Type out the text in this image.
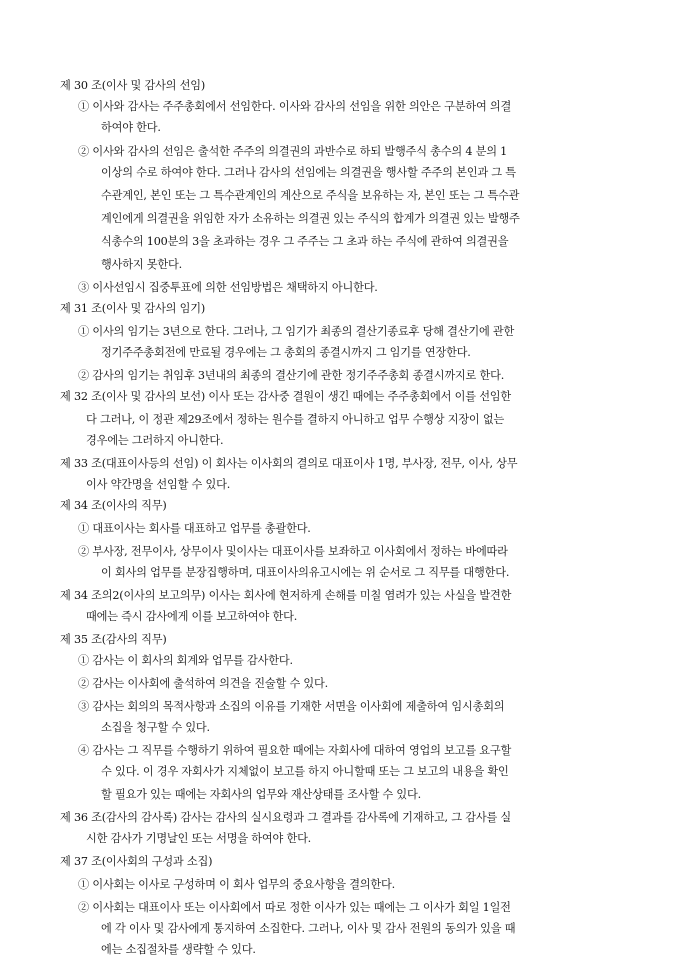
제 30 조(이사 및 감사의 선임)
① 이사와 감사는 주주총회에서 선임한다. 이사와 감사의 선임을 위한 의안은 구분하여 의결
하여야 한다.
② 이사와 감사의 선임은 출석한 주주의 의결권의 과반수로 하되 발행주식 총수의 4 분의 1
이상의 수로 하여야 한다. 그러나 감사의 선임에는 의결권을 행사할 주주의 본인과 그 특
수관계인, 본인 또는 그 특수관계인의 계산으로 주식을 보유하는 자, 본인 또는 그 특수관
계인에게 의결권을 위임한 자가 소유하는 의결권 있는 주식의 합계가 의결권 있는 발행주
식총수의 100분의 3을 초과하는 경우 그 주주는 그 초과 하는 주식에 관하여 의결권을
행사하지 못한다.
③ 이사선임시 집중투표에 의한 선임방법은 채택하지 아니한다.
제 31 조(이사 및 감사의 임기)
① 이사의 임기는 3년으로 한다. 그러나, 그 임기가 최종의 결산기종료후 당해 결산기에 관한
정기주주총회전에 만료될 경우에는 그 총회의 종결시까지 그 임기를 연장한다.
② 감사의 임기는 취임후 3년내의 최종의 결산기에 관한 정기주주총회 종결시까지로 한다.
제 32 조(이사 및 감사의 보선) 이사 또는 감사중 결원이 생긴 때에는 주주총회에서 이를 선임한
다 그러나, 이 정관 제29조에서 정하는 원수를 결하지 아니하고 업무 수행상 지장이 없는
경우에는 그러하지 아니한다.
제 33 조(대표이사등의 선임) 이 회사는 이사회의 결의로 대표이사 1명, 부사장, 전무, 이사, 상무
이사 약간명을 선임할 수 있다.
제 34 조(이사의 직무)
① 대표이사는 회사를 대표하고 업무를 총괄한다.
② 부사장, 전무이사, 상무이사 및이사는 대표이사를 보좌하고 이사회에서 정하는 바에따라
이 회사의 업무를 분장집행하며, 대표이사의유고시에는 위 순서로 그 직무를 대행한다.
제 34 조의2(이사의 보고의무) 이사는 회사에 현저하게 손해를 미칠 염려가 있는 사실을 발견한
때에는 즉시 감사에게 이를 보고하여야 한다.
제 35 조(감사의 직무)
① 감사는 이 회사의 회계와 업무를 감사한다.
② 감사는 이사회에 출석하여 의견을 진술할 수 있다.
③ 감사는 회의의 목적사항과 소집의 이유를 기재한 서면을 이사회에 제출하여 임시총회의
소집을 청구할 수 있다.
④ 감사는 그 직무를 수행하기 위하여 필요한 때에는 자회사에 대하여 영업의 보고를 요구할
수 있다. 이 경우 자회사가 지체없이 보고를 하지 아니할때 또는 그 보고의 내용을 확인
할 필요가 있는 때에는 자회사의 업무와 재산상태를 조사할 수 있다.
제 36 조(감사의 감사록) 감사는 감사의 실시요령과 그 결과를 감사록에 기재하고, 그 감사를 실
시한 감사가 기명날인 또는 서명을 하여야 한다.
제 37 조(이사회의 구성과 소집)
① 이사회는 이사로 구성하며 이 회사 업무의 중요사항을 결의한다.
② 이사회는 대표이사 또는 이사회에서 따로 정한 이사가 있는 때에는 그 이사가 회일 1일전
에 각 이사 및 감사에게 통지하여 소집한다. 그러나, 이사 및 감사 전원의 동의가 있을 때
에는 소집절차를 생략할 수 있다.
